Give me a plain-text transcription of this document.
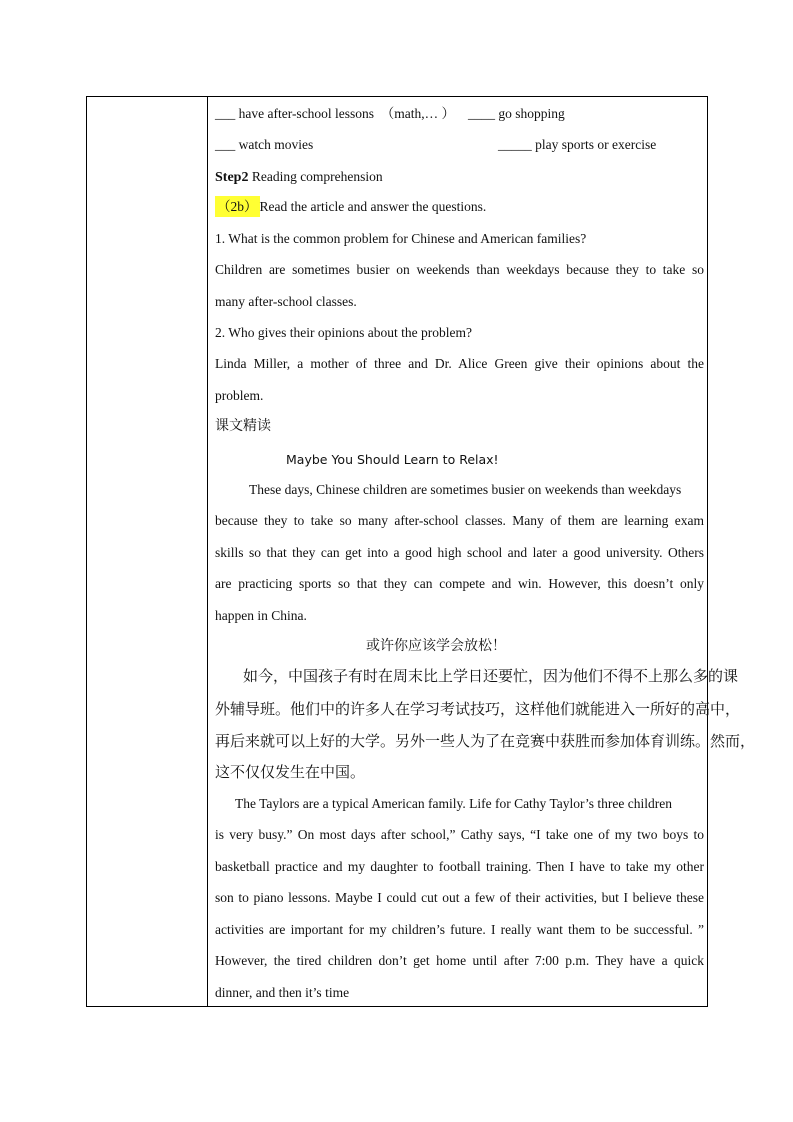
___ have after-school lessons　（math,… ） ____ go shopping
___ watch movies	_____ play sports or exercise
Step2 Reading comprehension
（2b） Read the article and answer the questions.
1. What is the common problem for Chinese and American families?
Children are sometimes busier on weekends than weekdays because they to take so
many after-school classes.
2. Who gives their opinions about the problem?
Linda Miller, a mother of three and Dr. Alice Green give their opinions about the
problem.
课文精读
Maybe You Should Learn to Relax!
These days, Chinese children are sometimes busier on weekends than weekdays
because they to take so many after-school classes. Many of them are learning exam
skills so that they can get into a good high school and later a good university. Others
are practicing sports so that they can compete and win. However, this doesn’t only
happen in China.
或许你应该学会放松！
如今，中国孩子有时在周末比上学日还要忙，因为他们不得不上那么多的课
外辅导班。他们中的许多人在学习考试技巧，这样他们就能进入一所好的高中，
再后来就可以上好的大学。另外一些人为了在竞赛中获胜而参加体育训练。然而，
这不仅仅发生在中国。
The Taylors are a typical American family. Life for Cathy Taylor’s three children
is very busy.” On most days after school,” Cathy says, “I take one of my two boys to
basketball practice and my daughter to football training. Then I have to take my other
son to piano lessons. Maybe I could cut out a few of their activities, but I believe these
activities are important for my children’s future. I really want them to be successful. ”
However, the tired children don’t get home until after 7:00 p.m. They have a quick
dinner, and then it’s time
